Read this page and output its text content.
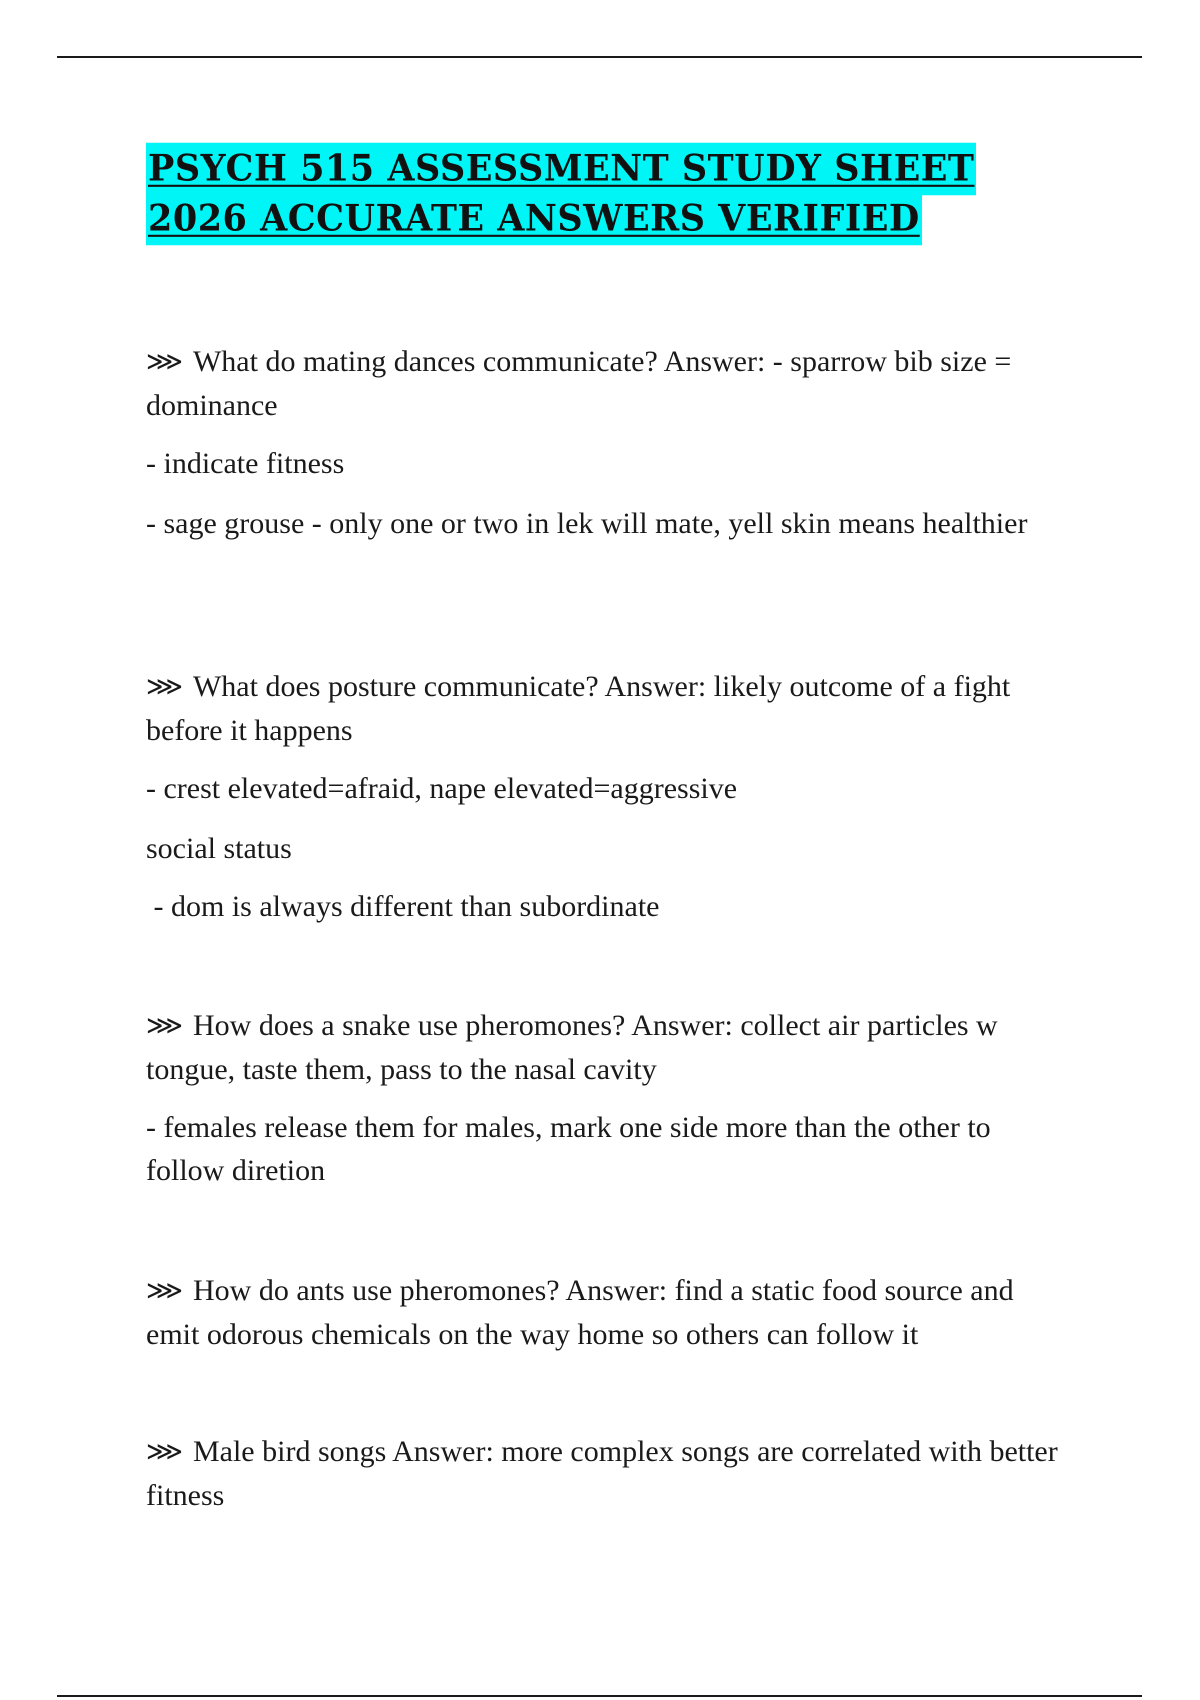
PSYCH 515 ASSESSMENT STUDY SHEET
2026 ACCURATE ANSWERS VERIFIED

⋙ What do mating dances communicate? Answer: - sparrow bib size = dominance

- indicate fitness

- sage grouse - only one or two in lek will mate, yell skin means healthier

⋙ What does posture communicate? Answer: likely outcome of a fight before it happens

- crest elevated=afraid, nape elevated=aggressive

social status

- dom is always different than subordinate

⋙ How does a snake use pheromones? Answer: collect air particles w tongue, taste them, pass to the nasal cavity

- females release them for males, mark one side more than the other to follow diretion

⋙ How do ants use pheromones? Answer: find a static food source and emit odorous chemicals on the way home so others can follow it

⋙ Male bird songs Answer: more complex songs are correlated with better fitness
